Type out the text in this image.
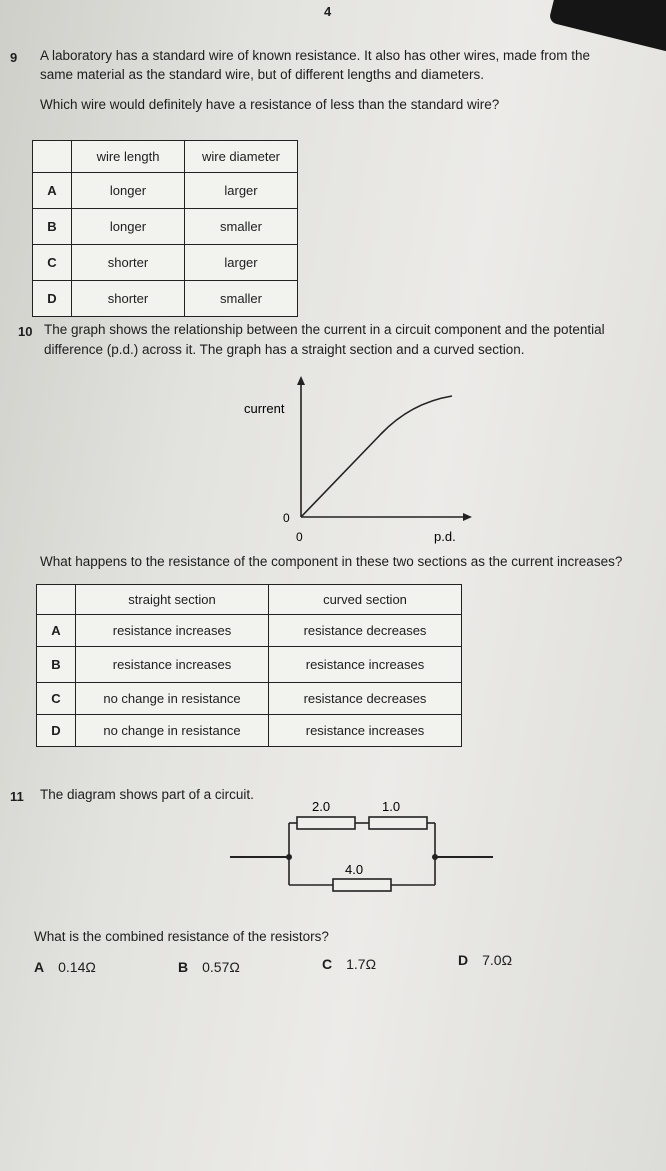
4
9 A laboratory has a standard wire of known resistance. It also has other wires, made from the
same material as the standard wire, but of different lengths and diameters.
Which wire would definitely have a resistance of less than the standard wire?
	wire length	wire diameter
A	longer	larger
B	longer	smaller
C	shorter	larger
D	shorter	smaller
10 The graph shows the relationship between the current in a circuit component and the potential
difference (p.d.) across it. The graph has a straight section and a curved section.
current
0
0	p.d.
What happens to the resistance of the component in these two sections as the current increases?
	straight section	curved section
A	resistance increases	resistance decreases
B	resistance increases	resistance increases
C	no change in resistance	resistance decreases
D	no change in resistance	resistance increases
11 The diagram shows part of a circuit.
2.0	1.0
4.0
What is the combined resistance of the resistors?
A 0.14Ω	B 0.57Ω	C 1.7Ω	D 7.0Ω
